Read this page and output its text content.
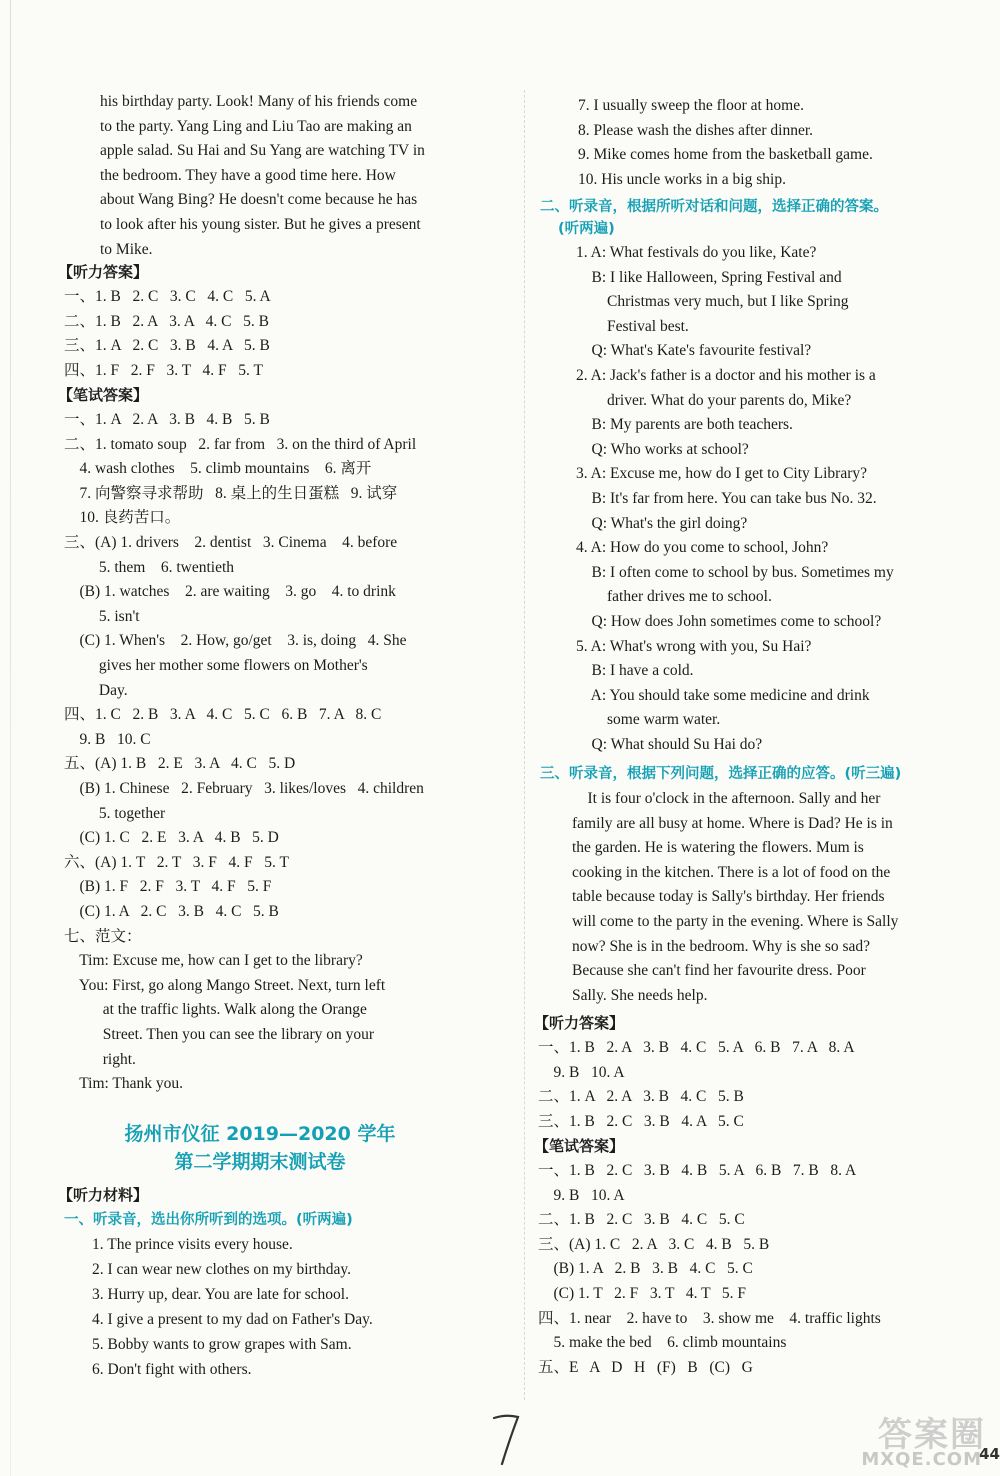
his birthday party. Look! Many of his friends come
to the party. Yang Ling and Liu Tao are making an
apple salad. Su Hai and Su Yang are watching TV in
the bedroom. They have a good time here. How
about Wang Bing? He doesn't come because he has
to look after his young sister. But he gives a present
to Mike.
【听力答案】
一、1. B   2. C   3. C   4. C   5. A
二、1. B   2. A   3. A   4. C   5. B
三、1. A   2. C   3. B   4. A   5. B
四、1. F   2. F   3. T   4. F   5. T
【笔试答案】
一、1. A   2. A   3. B   4. B   5. B
二、1. tomato soup   2. far from   3. on the third of April
4. wash clothes    5. climb mountains    6. 离开
7. 向警察寻求帮助   8. 桌上的生日蛋糕   9. 试穿
10. 良药苦口。
三、(A) 1. drivers    2. dentist   3. Cinema    4. before
5. them    6. twentieth
(B) 1. watches    2. are waiting    3. go    4. to drink
5. isn't
(C) 1. When's    2. How, go/get    3. is, doing   4. She
gives her mother some flowers on Mother's
Day.
四、1. C   2. B   3. A   4. C   5. C   6. B   7. A   8. C
9. B   10. C
五、(A) 1. B   2. E   3. A   4. C   5. D
(B) 1. Chinese   2. February   3. likes/loves   4. children
5. together
(C) 1. C   2. E   3. A   4. B   5. D
六、(A) 1. T   2. T   3. F   4. F   5. T
(B) 1. F   2. F   3. T   4. F   5. F
(C) 1. A   2. C   3. B   4. C   5. B
七、范文：
Tim: Excuse me, how can I get to the library?
You: First, go along Mango Street. Next, turn left
at the traffic lights. Walk along the Orange
Street. Then you can see the library on your
right.
Tim: Thank you.
扬州市仪征 2019—2020 学年
第二学期期末测试卷
【听力材料】
一、听录音，选出你所听到的选项。(听两遍)
1. The prince visits every house.
2. I can wear new clothes on my birthday.
3. Hurry up, dear. You are late for school.
4. I give a present to my dad on Father's Day.
5. Bobby wants to grow grapes with Sam.
6. Don't fight with others.
7. I usually sweep the floor at home.
8. Please wash the dishes after dinner.
9. Mike comes home from the basketball game.
10. His uncle works in a big ship.
二、听录音，根据所听对话和问题，选择正确的答案。
(听两遍)
1. A: What festivals do you like, Kate?
B: I like Halloween, Spring Festival and
Christmas very much, but I like Spring
Festival best.
Q: What's Kate's favourite festival?
2. A: Jack's father is a doctor and his mother is a
driver. What do your parents do, Mike?
B: My parents are both teachers.
Q: Who works at school?
3. A: Excuse me, how do I get to City Library?
B: It's far from here. You can take bus No. 32.
Q: What's the girl doing?
4. A: How do you come to school, John?
B: I often come to school by bus. Sometimes my
father drives me to school.
Q: How does John sometimes come to school?
5. A: What's wrong with you, Su Hai?
B: I have a cold.
A: You should take some medicine and drink
some warm water.
Q: What should Su Hai do?
三、听录音，根据下列问题，选择正确的应答。(听三遍)
It is four o'clock in the afternoon. Sally and her
family are all busy at home. Where is Dad? He is in
the garden. He is watering the flowers. Mum is
cooking in the kitchen. There is a lot of food on the
table because today is Sally's birthday. Her friends
will come to the party in the evening. Where is Sally
now? She is in the bedroom. Why is she so sad?
Because she can't find her favourite dress. Poor
Sally. She needs help.
【听力答案】
一、1. B   2. A   3. B   4. C   5. A   6. B   7. A   8. A
9. B   10. A
二、1. A   2. A   3. B   4. C   5. B
三、1. B   2. C   3. B   4. A   5. C
【笔试答案】
一、1. B   2. C   3. B   4. B   5. A   6. B   7. B   8. A
9. B   10. A
二、1. B   2. C   3. B   4. C   5. C
三、(A) 1. C   2. A   3. C   4. B   5. B
(B) 1. A   2. B   3. B   4. C   5. C
(C) 1. T   2. F   3. T   4. T   5. F
四、1. near    2. have to    3. show me    4. traffic lights
5. make the bed    6. climb mountains
五、E   A   D   H   (F)   B   (C)   G
44
答案圈
MXQE.COM
